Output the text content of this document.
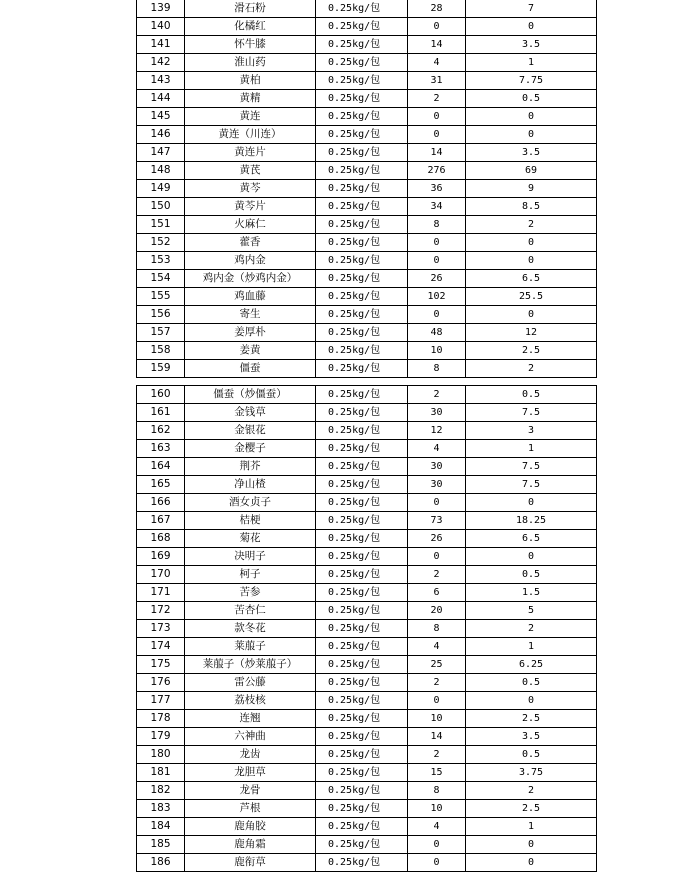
139	滑石粉	0.25kg/包	28	7
140	化橘红	0.25kg/包	0	0
141	怀牛膝	0.25kg/包	14	3.5
142	淮山药	0.25kg/包	4	1
143	黄柏	0.25kg/包	31	7.75
144	黄精	0.25kg/包	2	0.5
145	黄连	0.25kg/包	0	0
146	黄连（川连）	0.25kg/包	0	0
147	黄连片	0.25kg/包	14	3.5
148	黄芪	0.25kg/包	276	69
149	黄芩	0.25kg/包	36	9
150	黄芩片	0.25kg/包	34	8.5
151	火麻仁	0.25kg/包	8	2
152	藿香	0.25kg/包	0	0
153	鸡内金	0.25kg/包	0	0
154	鸡内金（炒鸡内金）	0.25kg/包	26	6.5
155	鸡血藤	0.25kg/包	102	25.5
156	寄生	0.25kg/包	0	0
157	姜厚朴	0.25kg/包	48	12
158	姜黄	0.25kg/包	10	2.5
159	僵蚕	0.25kg/包	8	2
160	僵蚕（炒僵蚕）	0.25kg/包	2	0.5
161	金钱草	0.25kg/包	30	7.5
162	金银花	0.25kg/包	12	3
163	金樱子	0.25kg/包	4	1
164	荆芥	0.25kg/包	30	7.5
165	净山楂	0.25kg/包	30	7.5
166	酒女贞子	0.25kg/包	0	0
167	桔梗	0.25kg/包	73	18.25
168	菊花	0.25kg/包	26	6.5
169	决明子	0.25kg/包	0	0
170	柯子	0.25kg/包	2	0.5
171	苦参	0.25kg/包	6	1.5
172	苦杏仁	0.25kg/包	20	5
173	款冬花	0.25kg/包	8	2
174	莱菔子	0.25kg/包	4	1
175	莱菔子（炒莱菔子）	0.25kg/包	25	6.25
176	雷公藤	0.25kg/包	2	0.5
177	荔枝核	0.25kg/包	0	0
178	连翘	0.25kg/包	10	2.5
179	六神曲	0.25kg/包	14	3.5
180	龙齿	0.25kg/包	2	0.5
181	龙胆草	0.25kg/包	15	3.75
182	龙骨	0.25kg/包	8	2
183	芦根	0.25kg/包	10	2.5
184	鹿角胶	0.25kg/包	4	1
185	鹿角霜	0.25kg/包	0	0
186	鹿衔草	0.25kg/包	0	0
